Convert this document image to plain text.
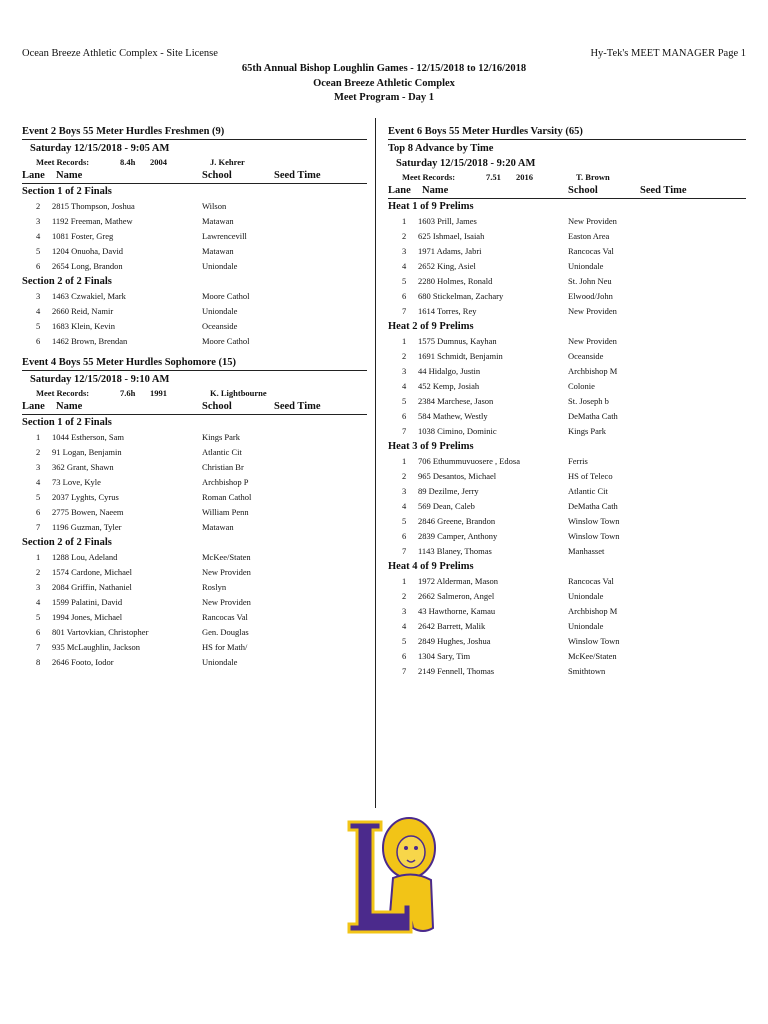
Ocean Breeze Athletic Complex - Site License	Hy-Tek's MEET MANAGER Page 1
65th Annual Bishop Loughlin Games - 12/15/2018 to 12/16/2018
Ocean Breeze Athletic Complex
Meet Program - Day 1
Event 2 Boys 55 Meter Hurdles Freshmen (9)
Saturday 12/15/2018 - 9:05 AM
Meet Records:	8.4h 2004	J. Kehrer
Lane Name	School	Seed Time
Section 1 of 2 Finals
2 2815 Thompson, Joshua	Wilson
3 1192 Freeman, Mathew	Matawan
4 1081 Foster, Greg	Lawrencevill
5 1204 Onuoha, David	Matawan
6 2654 Long, Brandon	Uniondale
Section 2 of 2 Finals
3 1463 Czwakiel, Mark	Moore Cathol
4 2660 Reid, Namir	Uniondale
5 1683 Klein, Kevin	Oceanside
6 1462 Brown, Brendan	Moore Cathol
Event 4 Boys 55 Meter Hurdles Sophomore (15)
Saturday 12/15/2018 - 9:10 AM
Meet Records:	7.6h 1991	K. Lightbourne
Lane Name	School	Seed Time
Section 1 of 2 Finals
1 1044 Estherson, Sam	Kings Park
2 91 Logan, Benjamin	Atlantic Cit
3 362 Grant, Shawn	Christian Br
4 73 Love, Kyle	Archbishop P
5 2037 Lyghts, Cyrus	Roman Cathol
6 2775 Bowen, Naeem	William Penn
7 1196 Guzman, Tyler	Matawan
Section 2 of 2 Finals
1 1288 Lou, Adeland	McKee/Staten
2 1574 Cardone, Michael	New Providen
3 2084 Griffin, Nathaniel	Roslyn
4 1599 Palatini, David	New Providen
5 1994 Jones, Michael	Rancocas Val
6 801 Vartovkian, Christopher	Gen. Douglas
7 935 McLaughlin, Jackson	HS for Math/
8 2646 Footo, Iodor	Uniondale
Event 6 Boys 55 Meter Hurdles Varsity (65)
Top 8 Advance by Time
Saturday 12/15/2018 - 9:20 AM
Meet Records:	7.51 2016	T. Brown
Lane Name	School	Seed Time
Heat 1 of 9 Prelims
1 1603 Prill, James	New Providen
2 625 Ishmael, Isaiah	Easton Area
3 1971 Adams, Jabri	Rancocas Val
4 2652 King, Asiel	Uniondale
5 2280 Holmes, Ronald	St. John Neu
6 680 Stickelman, Zachary	Elwood/John
7 1614 Torres, Rey	New Providen
Heat 2 of 9 Prelims
1 1575 Dumnus, Kayhan	New Providen
2 1691 Schmidt, Benjamin	Oceanside
3 44 Hidalgo, Justin	Archbishop M
4 452 Kemp, Josiah	Colonie
5 2384 Marchese, Jason	St. Joseph b
6 584 Mathew, Westly	DeMatha Cath
7 1038 Cimino, Dominic	Kings Park
Heat 3 of 9 Prelims
1 706 Ethummuvuosere , Edosa	Ferris
2 965 Desantos, Michael	HS of Teleco
3 89 Dezilme, Jerry	Atlantic Cit
4 569 Dean, Caleb	DeMatha Cath
5 2846 Greene, Brandon	Winslow Town
6 2839 Camper, Anthony	Winslow Town
7 1143 Blaney, Thomas	Manhasset
Heat 4 of 9 Prelims
1 1972 Alderman, Mason	Rancocas Val
2 2662 Salmeron, Angel	Uniondale
3 43 Hawthorne, Kamau	Archbishop M
4 2642 Barrett, Malik	Uniondale
5 2849 Hughes, Joshua	Winslow Town
6 1304 Sary, Tim	McKee/Staten
7 2149 Fennell, Thomas	Smithtown
